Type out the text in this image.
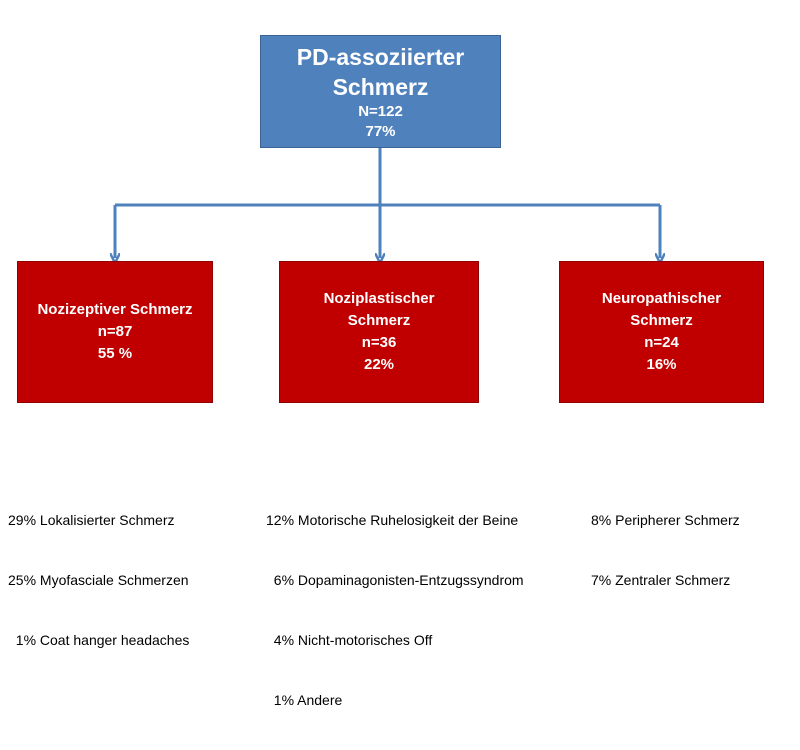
PD-assoziierter
Schmerz
N=122
77%
Nozizeptiver Schmerz
n=87
55 %
Noziplastischer
Schmerz
n=36
22%
Neuropathischer
Schmerz
n=24
16%

29% Lokalisierter Schmerz

25% Myofasciale Schmerzen

1% Coat hanger headaches

12% Motorische Ruhelosigkeit der Beine

6% Dopaminagonisten-Entzugssyndrom

4% Nicht-motorisches Off

1% Andere

8% Peripherer Schmerz

7% Zentraler Schmerz
